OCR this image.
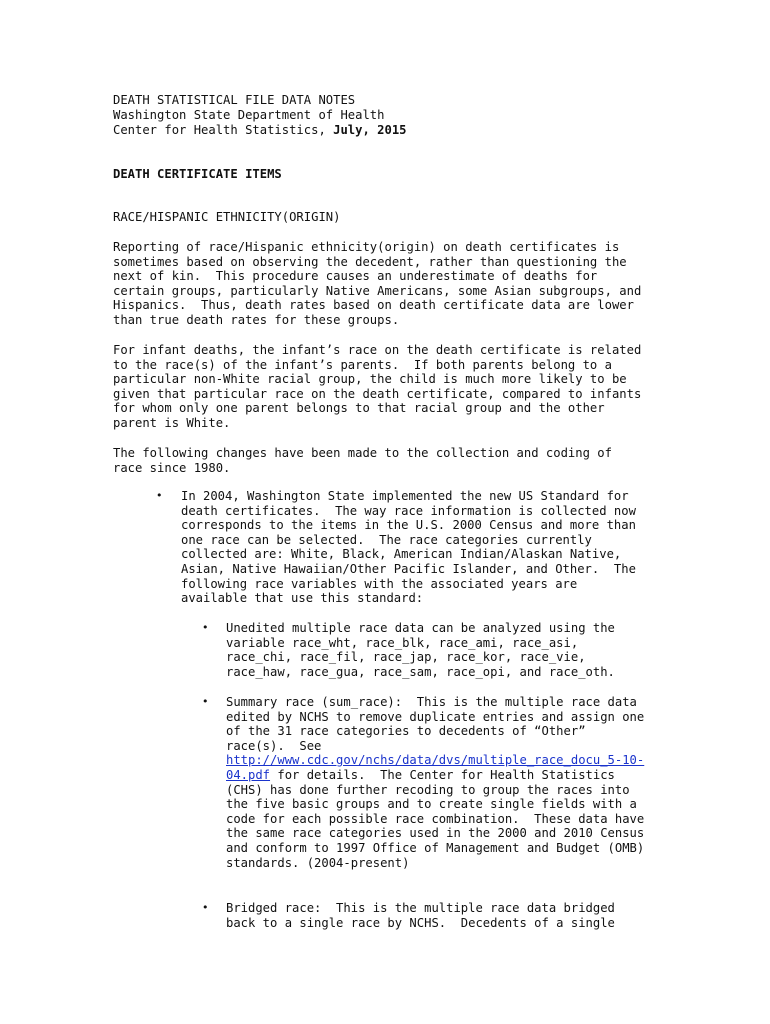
DEATH STATISTICAL FILE DATA NOTES
Washington State Department of Health
Center for Health Statistics, July, 2015
DEATH CERTIFICATE ITEMS
RACE/HISPANIC ETHNICITY(ORIGIN)
Reporting of race/Hispanic ethnicity(origin) on death certificates is
sometimes based on observing the decedent, rather than questioning the
next of kin.  This procedure causes an underestimate of deaths for
certain groups, particularly Native Americans, some Asian subgroups, and
Hispanics.  Thus, death rates based on death certificate data are lower
than true death rates for these groups.
For infant deaths, the infant’s race on the death certificate is related
to the race(s) of the infant’s parents.  If both parents belong to a
particular non-White racial group, the child is much more likely to be
given that particular race on the death certificate, compared to infants
for whom only one parent belongs to that racial group and the other
parent is White.
The following changes have been made to the collection and coding of
race since 1980.
• In 2004, Washington State implemented the new US Standard for
death certificates.  The way race information is collected now
corresponds to the items in the U.S. 2000 Census and more than
one race can be selected.  The race categories currently
collected are: White, Black, American Indian/Alaskan Native,
Asian, Native Hawaiian/Other Pacific Islander, and Other.  The
following race variables with the associated years are
available that use this standard:
• Unedited multiple race data can be analyzed using the
variable race_wht, race_blk, race_ami, race_asi,
race_chi, race_fil, race_jap, race_kor, race_vie,
race_haw, race_gua, race_sam, race_opi, and race_oth.
• Summary race (sum_race):  This is the multiple race data
edited by NCHS to remove duplicate entries and assign one
of the 31 race categories to decedents of “Other”
race(s).  See
http://www.cdc.gov/nchs/data/dvs/multiple_race_docu_5-10-
04.pdf for details.  The Center for Health Statistics
(CHS) has done further recoding to group the races into
the five basic groups and to create single fields with a
code for each possible race combination.  These data have
the same race categories used in the 2000 and 2010 Census
and conform to 1997 Office of Management and Budget (OMB)
standards. (2004-present)
• Bridged race:  This is the multiple race data bridged
back to a single race by NCHS.  Decedents of a single
